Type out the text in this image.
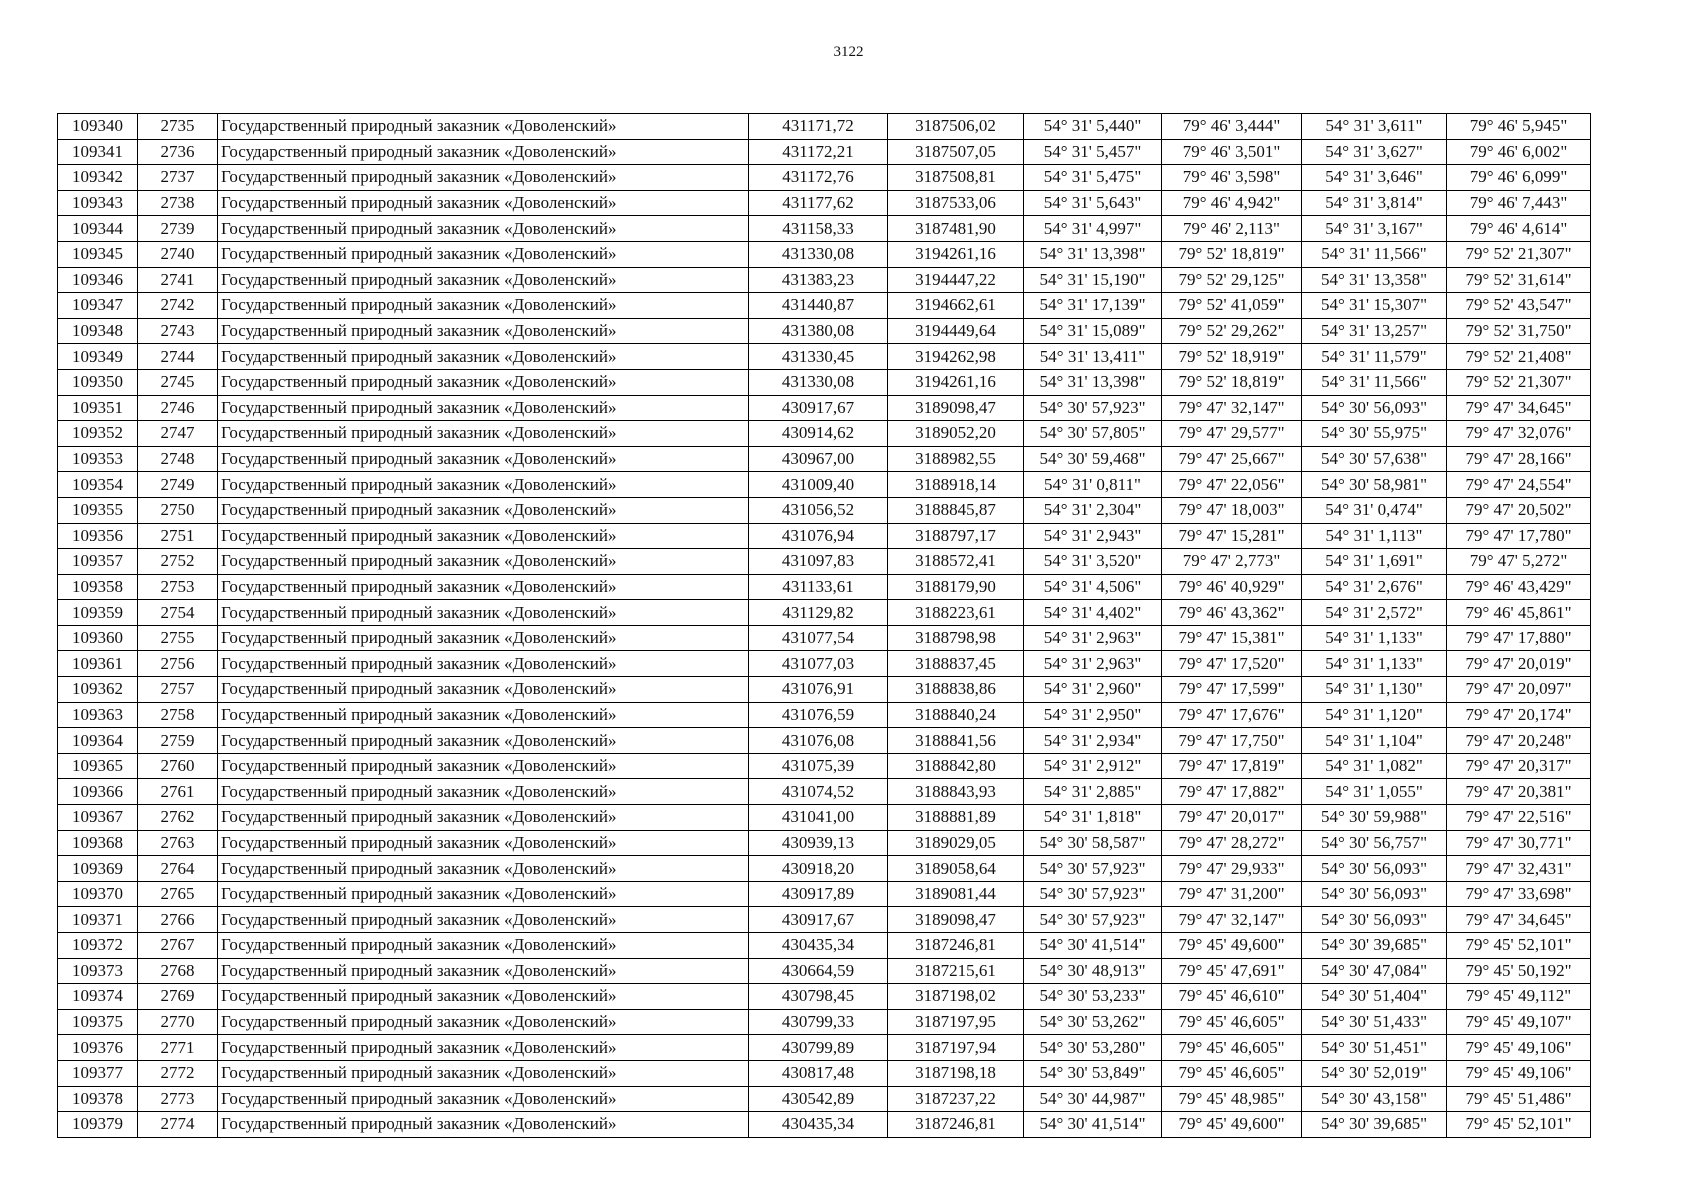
3122
109340	2735	Государственный природный заказник «Доволенский»	431171,72	3187506,02	54° 31' 5,440"	79° 46' 3,444"	54° 31' 3,611"	79° 46' 5,945"
109341	2736	Государственный природный заказник «Доволенский»	431172,21	3187507,05	54° 31' 5,457"	79° 46' 3,501"	54° 31' 3,627"	79° 46' 6,002"
109342	2737	Государственный природный заказник «Доволенский»	431172,76	3187508,81	54° 31' 5,475"	79° 46' 3,598"	54° 31' 3,646"	79° 46' 6,099"
109343	2738	Государственный природный заказник «Доволенский»	431177,62	3187533,06	54° 31' 5,643"	79° 46' 4,942"	54° 31' 3,814"	79° 46' 7,443"
109344	2739	Государственный природный заказник «Доволенский»	431158,33	3187481,90	54° 31' 4,997"	79° 46' 2,113"	54° 31' 3,167"	79° 46' 4,614"
109345	2740	Государственный природный заказник «Доволенский»	431330,08	3194261,16	54° 31' 13,398"	79° 52' 18,819"	54° 31' 11,566"	79° 52' 21,307"
109346	2741	Государственный природный заказник «Доволенский»	431383,23	3194447,22	54° 31' 15,190"	79° 52' 29,125"	54° 31' 13,358"	79° 52' 31,614"
109347	2742	Государственный природный заказник «Доволенский»	431440,87	3194662,61	54° 31' 17,139"	79° 52' 41,059"	54° 31' 15,307"	79° 52' 43,547"
109348	2743	Государственный природный заказник «Доволенский»	431380,08	3194449,64	54° 31' 15,089"	79° 52' 29,262"	54° 31' 13,257"	79° 52' 31,750"
109349	2744	Государственный природный заказник «Доволенский»	431330,45	3194262,98	54° 31' 13,411"	79° 52' 18,919"	54° 31' 11,579"	79° 52' 21,408"
109350	2745	Государственный природный заказник «Доволенский»	431330,08	3194261,16	54° 31' 13,398"	79° 52' 18,819"	54° 31' 11,566"	79° 52' 21,307"
109351	2746	Государственный природный заказник «Доволенский»	430917,67	3189098,47	54° 30' 57,923"	79° 47' 32,147"	54° 30' 56,093"	79° 47' 34,645"
109352	2747	Государственный природный заказник «Доволенский»	430914,62	3189052,20	54° 30' 57,805"	79° 47' 29,577"	54° 30' 55,975"	79° 47' 32,076"
109353	2748	Государственный природный заказник «Доволенский»	430967,00	3188982,55	54° 30' 59,468"	79° 47' 25,667"	54° 30' 57,638"	79° 47' 28,166"
109354	2749	Государственный природный заказник «Доволенский»	431009,40	3188918,14	54° 31' 0,811"	79° 47' 22,056"	54° 30' 58,981"	79° 47' 24,554"
109355	2750	Государственный природный заказник «Доволенский»	431056,52	3188845,87	54° 31' 2,304"	79° 47' 18,003"	54° 31' 0,474"	79° 47' 20,502"
109356	2751	Государственный природный заказник «Доволенский»	431076,94	3188797,17	54° 31' 2,943"	79° 47' 15,281"	54° 31' 1,113"	79° 47' 17,780"
109357	2752	Государственный природный заказник «Доволенский»	431097,83	3188572,41	54° 31' 3,520"	79° 47' 2,773"	54° 31' 1,691"	79° 47' 5,272"
109358	2753	Государственный природный заказник «Доволенский»	431133,61	3188179,90	54° 31' 4,506"	79° 46' 40,929"	54° 31' 2,676"	79° 46' 43,429"
109359	2754	Государственный природный заказник «Доволенский»	431129,82	3188223,61	54° 31' 4,402"	79° 46' 43,362"	54° 31' 2,572"	79° 46' 45,861"
109360	2755	Государственный природный заказник «Доволенский»	431077,54	3188798,98	54° 31' 2,963"	79° 47' 15,381"	54° 31' 1,133"	79° 47' 17,880"
109361	2756	Государственный природный заказник «Доволенский»	431077,03	3188837,45	54° 31' 2,963"	79° 47' 17,520"	54° 31' 1,133"	79° 47' 20,019"
109362	2757	Государственный природный заказник «Доволенский»	431076,91	3188838,86	54° 31' 2,960"	79° 47' 17,599"	54° 31' 1,130"	79° 47' 20,097"
109363	2758	Государственный природный заказник «Доволенский»	431076,59	3188840,24	54° 31' 2,950"	79° 47' 17,676"	54° 31' 1,120"	79° 47' 20,174"
109364	2759	Государственный природный заказник «Доволенский»	431076,08	3188841,56	54° 31' 2,934"	79° 47' 17,750"	54° 31' 1,104"	79° 47' 20,248"
109365	2760	Государственный природный заказник «Доволенский»	431075,39	3188842,80	54° 31' 2,912"	79° 47' 17,819"	54° 31' 1,082"	79° 47' 20,317"
109366	2761	Государственный природный заказник «Доволенский»	431074,52	3188843,93	54° 31' 2,885"	79° 47' 17,882"	54° 31' 1,055"	79° 47' 20,381"
109367	2762	Государственный природный заказник «Доволенский»	431041,00	3188881,89	54° 31' 1,818"	79° 47' 20,017"	54° 30' 59,988"	79° 47' 22,516"
109368	2763	Государственный природный заказник «Доволенский»	430939,13	3189029,05	54° 30' 58,587"	79° 47' 28,272"	54° 30' 56,757"	79° 47' 30,771"
109369	2764	Государственный природный заказник «Доволенский»	430918,20	3189058,64	54° 30' 57,923"	79° 47' 29,933"	54° 30' 56,093"	79° 47' 32,431"
109370	2765	Государственный природный заказник «Доволенский»	430917,89	3189081,44	54° 30' 57,923"	79° 47' 31,200"	54° 30' 56,093"	79° 47' 33,698"
109371	2766	Государственный природный заказник «Доволенский»	430917,67	3189098,47	54° 30' 57,923"	79° 47' 32,147"	54° 30' 56,093"	79° 47' 34,645"
109372	2767	Государственный природный заказник «Доволенский»	430435,34	3187246,81	54° 30' 41,514"	79° 45' 49,600"	54° 30' 39,685"	79° 45' 52,101"
109373	2768	Государственный природный заказник «Доволенский»	430664,59	3187215,61	54° 30' 48,913"	79° 45' 47,691"	54° 30' 47,084"	79° 45' 50,192"
109374	2769	Государственный природный заказник «Доволенский»	430798,45	3187198,02	54° 30' 53,233"	79° 45' 46,610"	54° 30' 51,404"	79° 45' 49,112"
109375	2770	Государственный природный заказник «Доволенский»	430799,33	3187197,95	54° 30' 53,262"	79° 45' 46,605"	54° 30' 51,433"	79° 45' 49,107"
109376	2771	Государственный природный заказник «Доволенский»	430799,89	3187197,94	54° 30' 53,280"	79° 45' 46,605"	54° 30' 51,451"	79° 45' 49,106"
109377	2772	Государственный природный заказник «Доволенский»	430817,48	3187198,18	54° 30' 53,849"	79° 45' 46,605"	54° 30' 52,019"	79° 45' 49,106"
109378	2773	Государственный природный заказник «Доволенский»	430542,89	3187237,22	54° 30' 44,987"	79° 45' 48,985"	54° 30' 43,158"	79° 45' 51,486"
109379	2774	Государственный природный заказник «Доволенский»	430435,34	3187246,81	54° 30' 41,514"	79° 45' 49,600"	54° 30' 39,685"	79° 45' 52,101"
